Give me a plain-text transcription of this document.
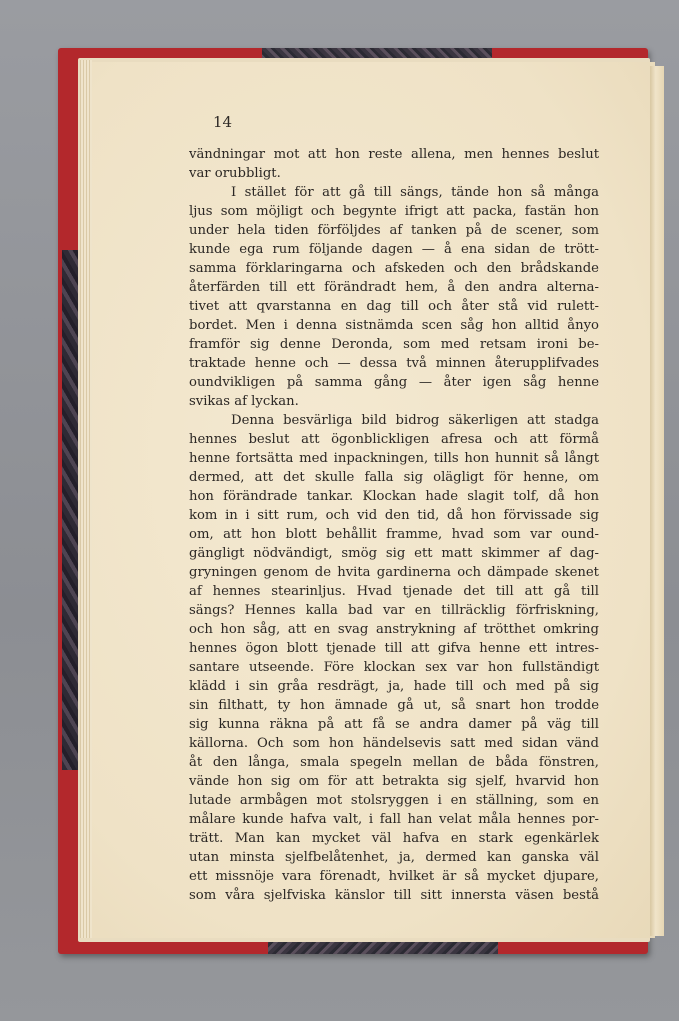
14
vändningar mot att hon reste allena, men hennes beslut
var orubbligt.
I stället för att gå till sängs, tände hon så många
ljus som möjligt och begynte ifrigt att packa, fastän hon
under hela tiden förföljdes af tanken på de scener, som
kunde ega rum följande dagen — å ena sidan de trött-
samma förklaringarna och afskeden och den brådskande
återfärden till ett förändradt hem, å den andra alterna-
tivet att qvarstanna en dag till och åter stå vid rulett-
bordet. Men i denna sistnämda scen såg hon alltid ånyo
framför sig denne Deronda, som med retsam ironi be-
traktade henne och — dessa två minnen återupplifvades
oundvikligen på samma gång — åter igen såg henne
svikas af lyckan.
Denna besvärliga bild bidrog säkerligen att stadga
hennes beslut att ögonblickligen afresa och att förmå
henne fortsätta med inpackningen, tills hon hunnit så långt
dermed, att det skulle falla sig olägligt för henne, om
hon förändrade tankar. Klockan hade slagit tolf, då hon
kom in i sitt rum, och vid den tid, då hon förvissade sig
om, att hon blott behållit framme, hvad som var ound-
gängligt nödvändigt, smög sig ett matt skimmer af dag-
gryningen genom de hvita gardinerna och dämpade skenet
af hennes stearinljus. Hvad tjenade det till att gå till
sängs? Hennes kalla bad var en tillräcklig förfriskning,
och hon såg, att en svag anstrykning af trötthet omkring
hennes ögon blott tjenade till att gifva henne ett intres-
santare utseende. Före klockan sex var hon fullständigt
klädd i sin gråa resdrägt, ja, hade till och med på sig
sin filthatt, ty hon ämnade gå ut, så snart hon trodde
sig kunna räkna på att få se andra damer på väg till
källorna. Och som hon händelsevis satt med sidan vänd
åt den långa, smala spegeln mellan de båda fönstren,
vände hon sig om för att betrakta sig sjelf, hvarvid hon
lutade armbågen mot stolsryggen i en ställning, som en
målare kunde hafva valt, i fall han velat måla hennes por-
trätt. Man kan mycket väl hafva en stark egenkärlek
utan minsta sjelfbelåtenhet, ja, dermed kan ganska väl
ett missnöje vara förenadt, hvilket är så mycket djupare,
som våra sjelfviska känslor till sitt innersta väsen bestå
